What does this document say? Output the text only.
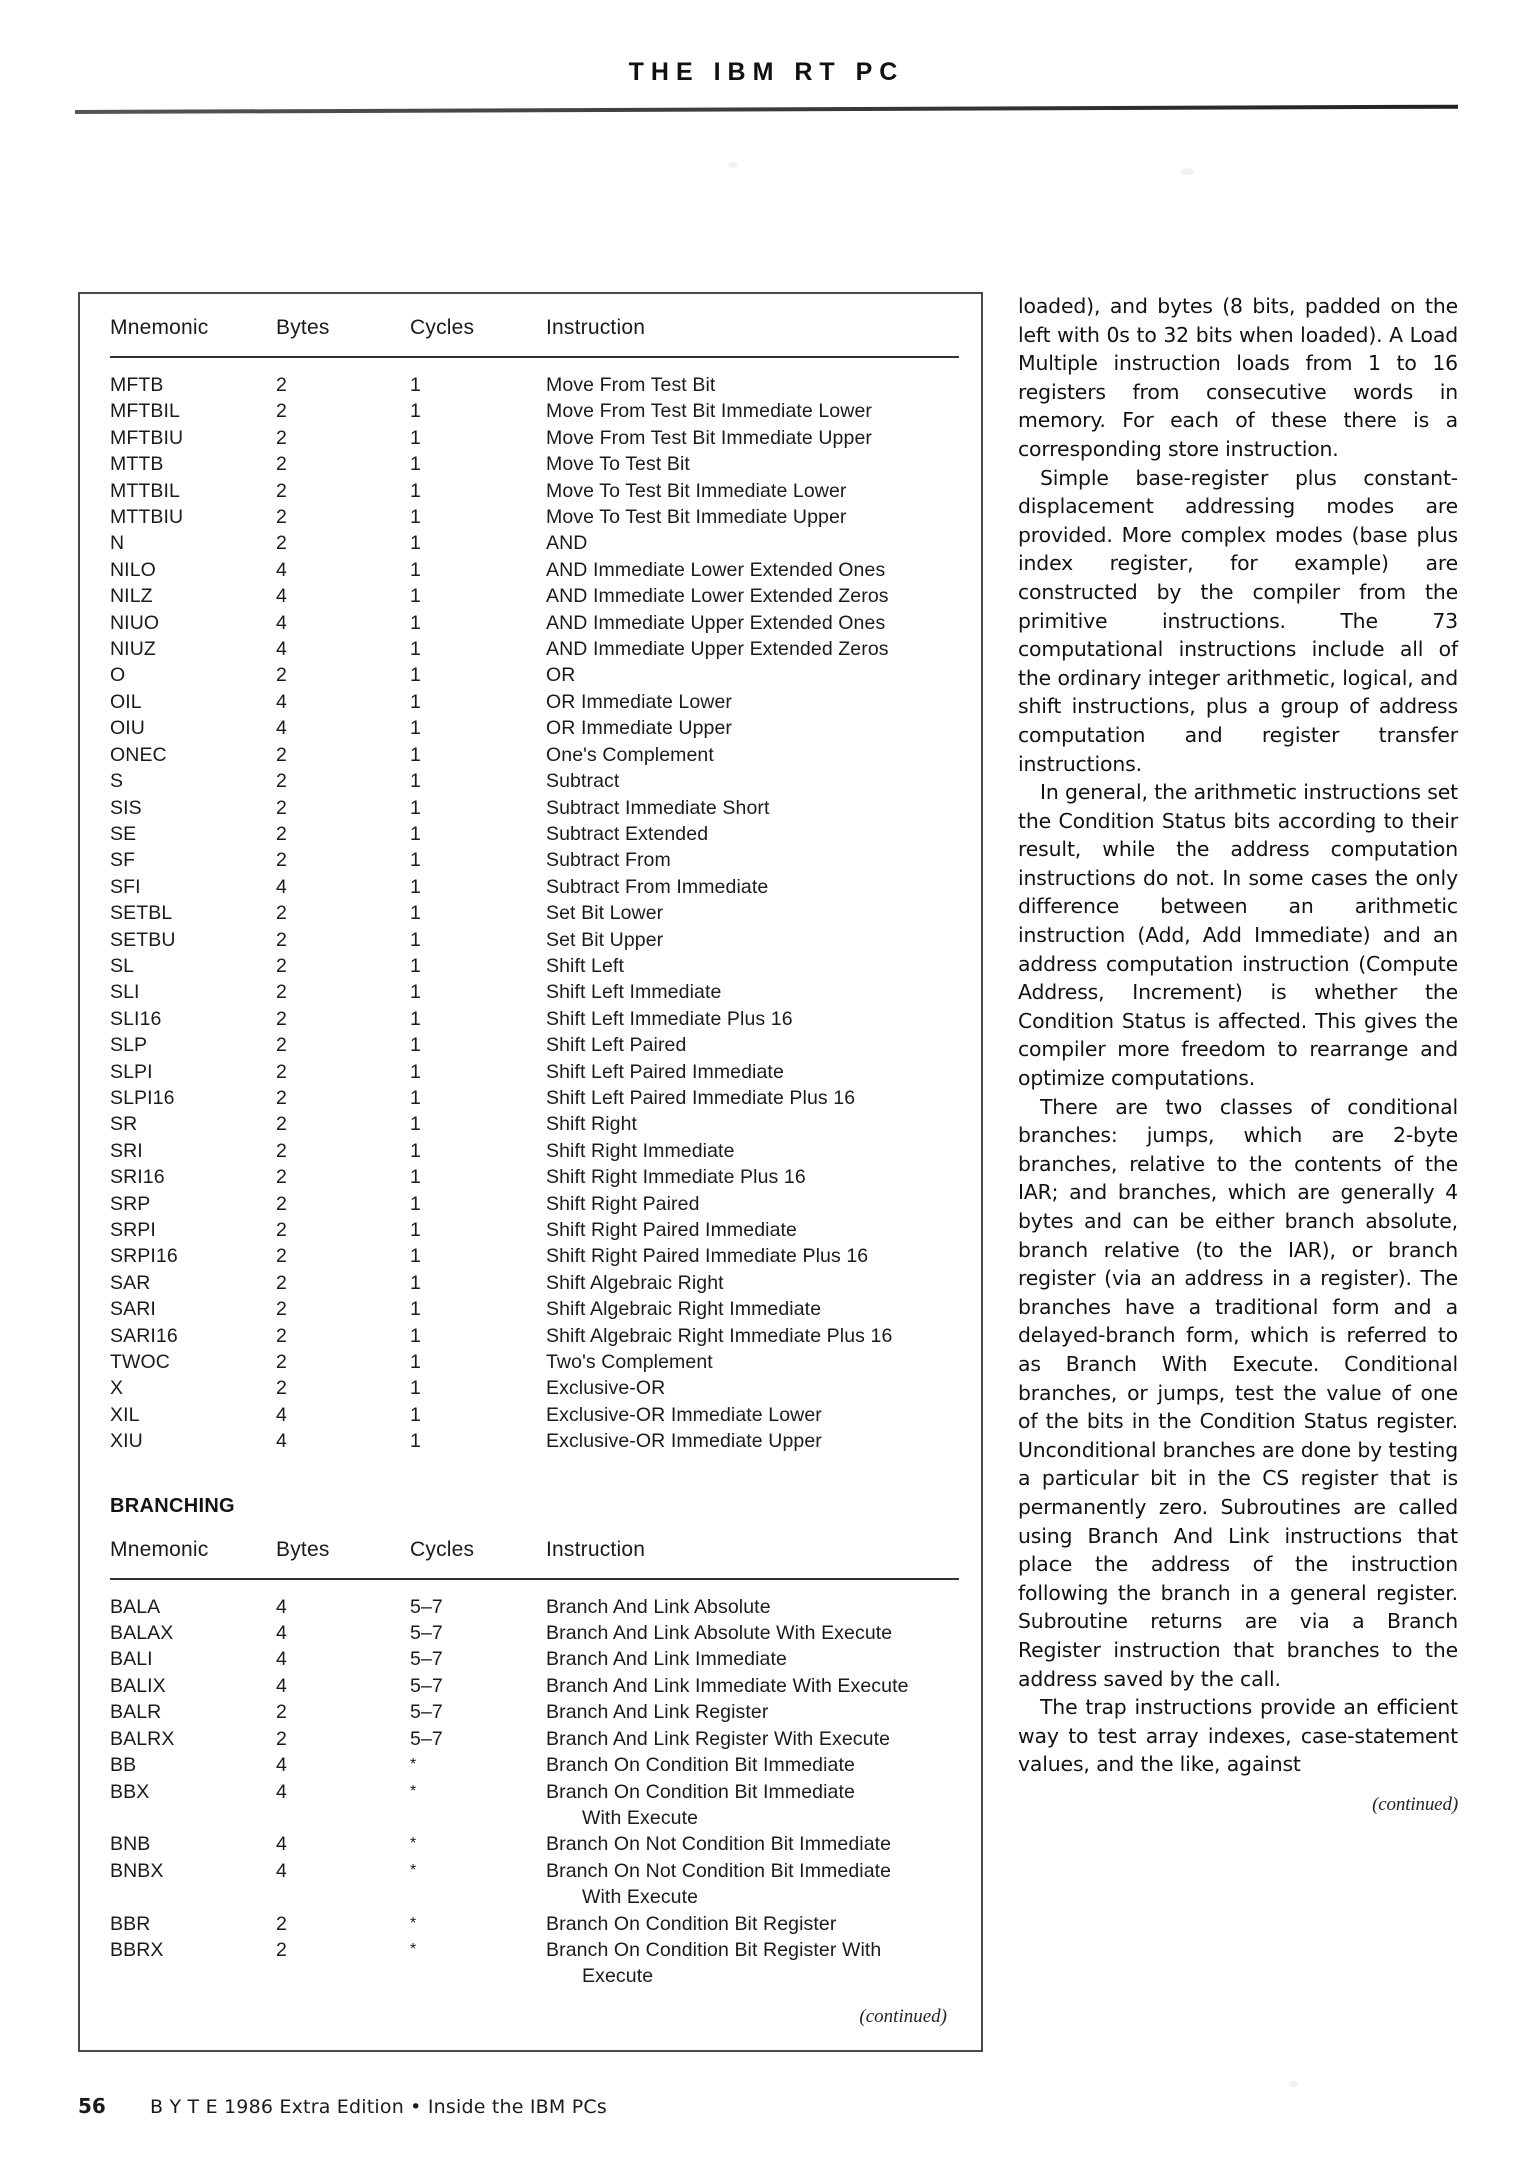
THE IBM RT PC
Mnemonic	Bytes	Cycles	Instruction
MFTB	2	1	Move From Test Bit
MFTBIL	2	1	Move From Test Bit Immediate Lower
MFTBIU	2	1	Move From Test Bit Immediate Upper
MTTB	2	1	Move To Test Bit
MTTBIL	2	1	Move To Test Bit Immediate Lower
MTTBIU	2	1	Move To Test Bit Immediate Upper
N	2	1	AND
NILO	4	1	AND Immediate Lower Extended Ones
NILZ	4	1	AND Immediate Lower Extended Zeros
NIUO	4	1	AND Immediate Upper Extended Ones
NIUZ	4	1	AND Immediate Upper Extended Zeros
O	2	1	OR
OIL	4	1	OR Immediate Lower
OIU	4	1	OR Immediate Upper
ONEC	2	1	One's Complement
S	2	1	Subtract
SIS	2	1	Subtract Immediate Short
SE	2	1	Subtract Extended
SF	2	1	Subtract From
SFI	4	1	Subtract From Immediate
SETBL	2	1	Set Bit Lower
SETBU	2	1	Set Bit Upper
SL	2	1	Shift Left
SLI	2	1	Shift Left Immediate
SLI16	2	1	Shift Left Immediate Plus 16
SLP	2	1	Shift Left Paired
SLPI	2	1	Shift Left Paired Immediate
SLPI16	2	1	Shift Left Paired Immediate Plus 16
SR	2	1	Shift Right
SRI	2	1	Shift Right Immediate
SRI16	2	1	Shift Right Immediate Plus 16
SRP	2	1	Shift Right Paired
SRPI	2	1	Shift Right Paired Immediate
SRPI16	2	1	Shift Right Paired Immediate Plus 16
SAR	2	1	Shift Algebraic Right
SARI	2	1	Shift Algebraic Right Immediate
SARI16	2	1	Shift Algebraic Right Immediate Plus 16
TWOC	2	1	Two's Complement
X	2	1	Exclusive-OR
XIL	4	1	Exclusive-OR Immediate Lower
XIU	4	1	Exclusive-OR Immediate Upper
BRANCHING
Mnemonic	Bytes	Cycles	Instruction
BALA	4	5–7	Branch And Link Absolute
BALAX	4	5–7	Branch And Link Absolute With Execute
BALI	4	5–7	Branch And Link Immediate
BALIX	4	5–7	Branch And Link Immediate With Execute
BALR	2	5–7	Branch And Link Register
BALRX	2	5–7	Branch And Link Register With Execute
BB	4	*	Branch On Condition Bit Immediate
BBX	4	*	Branch On Condition Bit Immediate
With Execute

BNB	4	*	Branch On Not Condition Bit Immediate
BNBX	4	*	Branch On Not Condition Bit Immediate
With Execute

BBR	2	*	Branch On Condition Bit Register
BBRX	2	*	Branch On Condition Bit Register With
Execute
(continued)

loaded), and bytes (8 bits, padded on the left with 0s to 32 bits when loaded). A Load Multiple instruction loads from 1 to 16 registers from consecutive words in memory. For each of these there is a corresponding store instruction.

Simple base-register plus constant-displacement addressing modes are provided. More complex modes (base plus index register, for example) are constructed by the compiler from the primitive instructions. The 73 computational instructions include all of the ordinary integer arithmetic, logical, and shift instructions, plus a group of address computation and register transfer instructions.

In general, the arithmetic instructions set the Condition Status bits according to their result, while the address computation instructions do not. In some cases the only difference between an arithmetic instruction (Add, Add Immediate) and an address computation instruction (Compute Address, Increment) is whether the Condition Status is affected. This gives the compiler more freedom to rearrange and optimize computations.

There are two classes of conditional branches: jumps, which are 2-byte branches, relative to the contents of the IAR; and branches, which are generally 4 bytes and can be either branch absolute, branch relative (to the IAR), or branch register (via an address in a register). The branches have a traditional form and a delayed-branch form, which is referred to as Branch With Execute. Conditional branches, or jumps, test the value of one of the bits in the Condition Status register. Unconditional branches are done by testing a particular bit in the CS register that is permanently zero. Subroutines are called using Branch And Link instructions that place the address of the instruction following the branch in a general register. Subroutine returns are via a Branch Register instruction that branches to the address saved by the call.

The trap instructions provide an efficient way to test array indexes, case-statement values, and the like, against

(continued)

56	B Y T E 1986 Extra Edition • Inside the IBM PCs
